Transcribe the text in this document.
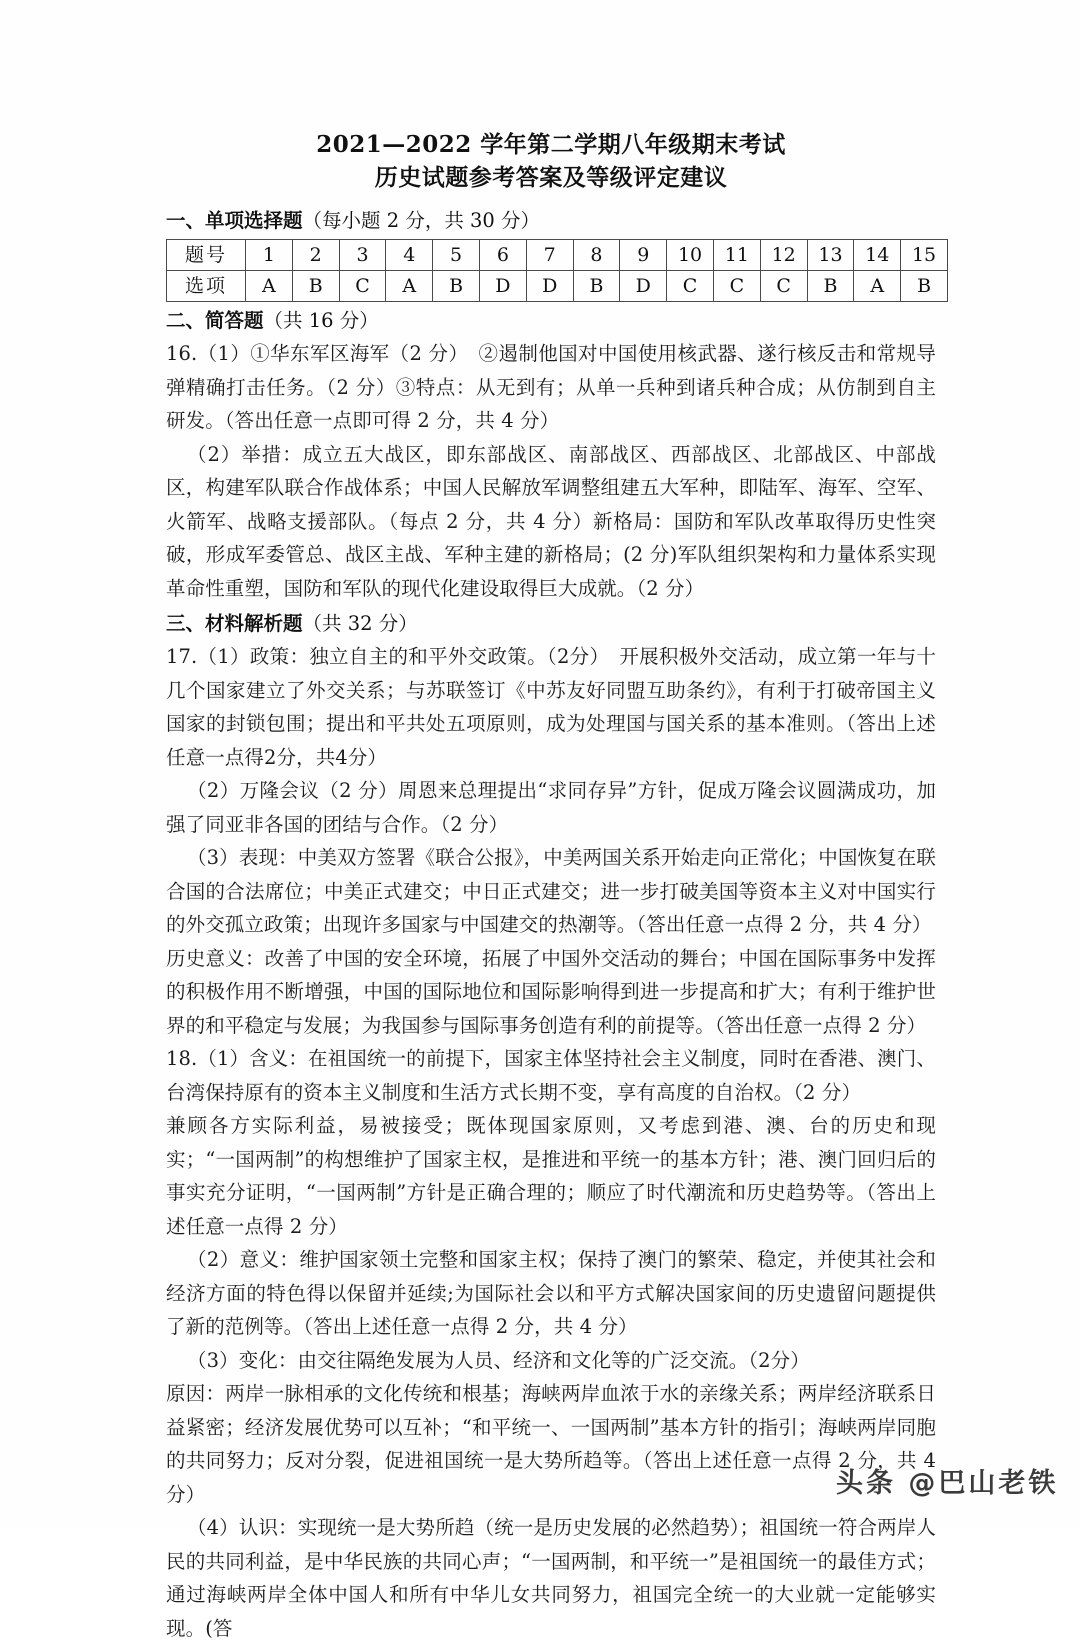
2021—2022 学年第二学期八年级期末考试
历史试题参考答案及等级评定建议
一、单项选择题（每小题 2 分，共 30 分）
题号	1	2	3	4	5	6	7	8	9	10	11	12	13	14	15
选项	A	B	C	A	B	D	D	B	D	C	C	C	B	A	B
二、简答题（共 16 分）

16.（1）①华东军区海军（2 分）　②遏制他国对中国使用核武器、遂行核反击和常规导弹精确打击任务。（2 分）③特点：从无到有；从单一兵种到诸兵种合成；从仿制到自主研发。（答出任意一点即可得 2 分，共 4 分）

（2）举措：成立五大战区，即东部战区、南部战区、西部战区、北部战区、中部战区，构建军队联合作战体系；中国人民解放军调整组建五大军种，即陆军、海军、空军、火箭军、战略支援部队。（每点 2 分，共 4 分）新格局：国防和军队改革取得历史性突破，形成军委管总、战区主战、军种主建的新格局；(2 分)军队组织架构和力量体系实现革命性重塑，国防和军队的现代化建设取得巨大成就。（2 分）

三、材料解析题（共 32 分）

17.（1）政策：独立自主的和平外交政策。（2分）　开展积极外交活动，成立第一年与十几个国家建立了外交关系；与苏联签订《中苏友好同盟互助条约》，有利于打破帝国主义国家的封锁包围；提出和平共处五项原则，成为处理国与国关系的基本准则。（答出上述任意一点得2分，共4分）

（2）万隆会议（2 分）周恩来总理提出“求同存异”方针，促成万隆会议圆满成功，加强了同亚非各国的团结与合作。（2 分）

（3）表现：中美双方签署《联合公报》，中美两国关系开始走向正常化；中国恢复在联合国的合法席位；中美正式建交；中日正式建交；进一步打破美国等资本主义对中国实行的外交孤立政策；出现许多国家与中国建交的热潮等。（答出任意一点得 2 分，共 4 分）

历史意义：改善了中国的安全环境，拓展了中国外交活动的舞台；中国在国际事务中发挥的积极作用不断增强，中国的国际地位和国际影响得到进一步提高和扩大；有利于维护世界的和平稳定与发展；为我国参与国际事务创造有利的前提等。（答出任意一点得 2 分）

18.（1）含义：在祖国统一的前提下，国家主体坚持社会主义制度，同时在香港、澳门、台湾保持原有的资本主义制度和生活方式长期不变，享有高度的自治权。（2 分）

兼顾各方实际利益，易被接受；既体现国家原则，又考虑到港、澳、台的历史和现实；“一国两制”的构想维护了国家主权，是推进和平统一的基本方针；港、澳门回归后的事实充分证明，“一国两制”方针是正确合理的；顺应了时代潮流和历史趋势等。（答出上述任意一点得 2 分）

（2）意义：维护国家领土完整和国家主权；保持了澳门的繁荣、稳定，并使其社会和经济方面的特色得以保留并延续;为国际社会以和平方式解决国家间的历史遗留问题提供了新的范例等。（答出上述任意一点得 2 分，共 4 分）

（3）变化：由交往隔绝发展为人员、经济和文化等的广泛交流。（2分）

原因：两岸一脉相承的文化传统和根基；海峡两岸血浓于水的亲缘关系；两岸经济联系日益紧密；经济发展优势可以互补；“和平统一、一国两制”基本方针的指引；海峡两岸同胞的共同努力；反对分裂，促进祖国统一是大势所趋等。（答出上述任意一点得 2 分，共 4 分）

（4）认识：实现统一是大势所趋（统一是历史发展的必然趋势）；祖国统一符合两岸人民的共同利益，是中华民族的共同心声；“一国两制，和平统一”是祖国统一的最佳方式；通过海峡两岸全体中国人和所有中华儿女共同努力，祖国完全统一的大业就一定能够实现。(答

头条 @巴山老铁
